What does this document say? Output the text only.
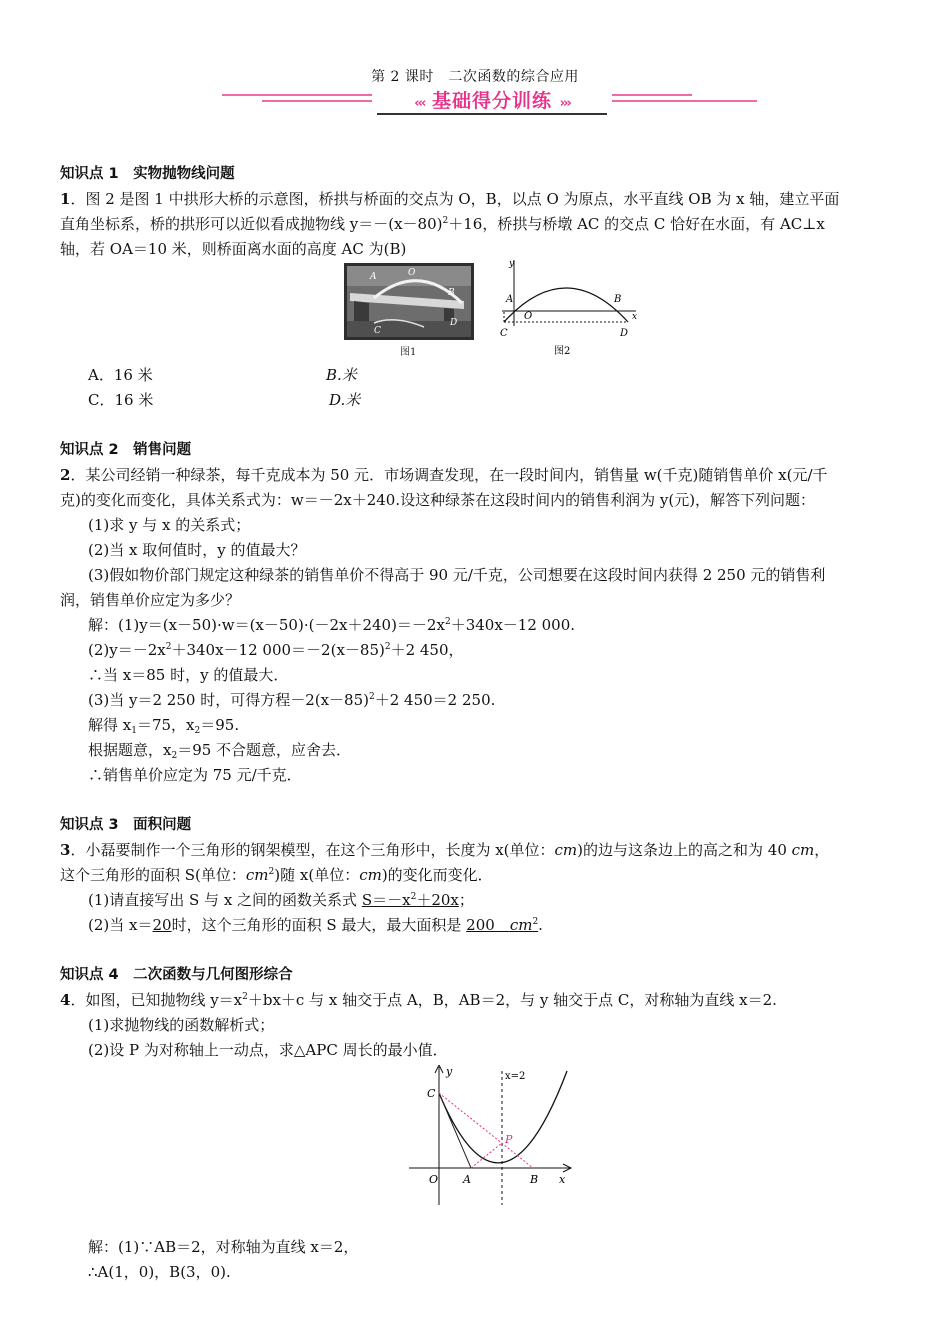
第 2 课时　二次函数的综合应用
‹‹‹ 基础得分训练 ›››
知识点 1　实物抛物线问题
1．图 2 是图 1 中拱形大桥的示意图，桥拱与桥面的交点为 O，B，以点 O 为原点，水平直线 OB 为 x 轴，建立平面
直角坐标系，桥的拱形可以近似看成抛物线 $y=-(x-80)^2+16$，桥拱与桥墩 AC 的交点 C 恰好在水面，有 AC⊥x
轴，若 OA＝10 米，则桥面离水面的高度 AC 为(B)
A	O
B
C
D
图1
y
x
A	B
O
C	D
图2
A．16 米	B.米
C．16 米	D.米
知识点 2　销售问题
2．某公司经销一种绿茶，每千克成本为 50 元．市场调查发现，在一段时间内，销售量 w(千克)随销售单价 x(元/千
克)的变化而变化，具体关系式为：w＝－2x＋240.设这种绿茶在这段时间内的销售利润为 y(元)，解答下列问题：
(1)求 y 与 x 的关系式；
(2)当 x 取何值时，y 的值最大？
(3)假如物价部门规定这种绿茶的销售单价不得高于 90 元/千克，公司想要在这段时间内获得 2 250 元的销售利
润，销售单价应定为多少？
解：$(1)y=(x-50)\cdot w=(x-50)\cdot(-2x+240)=-2x^2+340x-12$ 000.
$(2)y=-2x^2+340x-12$ $000=-2(x-85)^2+2$ 450，
∴当 x＝85 时，y 的值最大．
(3)当 y＝2 250 时，可得方程$-2(x-85)^2+2$ 450＝2 250.
解得 $x_1=75$，$x_2=95$.
根据题意，$x_2=95$ 不合题意，应舍去．
∴销售单价应定为 75 元/千克．
知识点 3　面积问题
3．小磊要制作一个三角形的钢架模型，在这个三角形中，长度为 x(单位：cm)的边与这条边上的高之和为 40 cm，
这个三角形的面积 S(单位：$cm^2$)随 x(单位：cm)的变化而变化．
(1)请直接写出 S 与 x 之间的函数关系式 $S=-x^2+20x$；
(2)当 x＝20时，这个三角形的面积 S 最大，最大面积是 200　$cm^2$.
知识点 4　二次函数与几何图形综合
4．如图，已知抛物线 $y=x^2+bx+c$ 与 x 轴交于点 A，B，AB＝2，与 y 轴交于点 C，对称轴为直线 x＝2.
(1)求抛物线的函数解析式；
(2)设 P 为对称轴上一动点，求△APC 周长的最小值．
y	x=2
C
P
O A	B x
解：(1)∵AB＝2，对称轴为直线 x＝2，
∴A(1，0)，B(3，0).
